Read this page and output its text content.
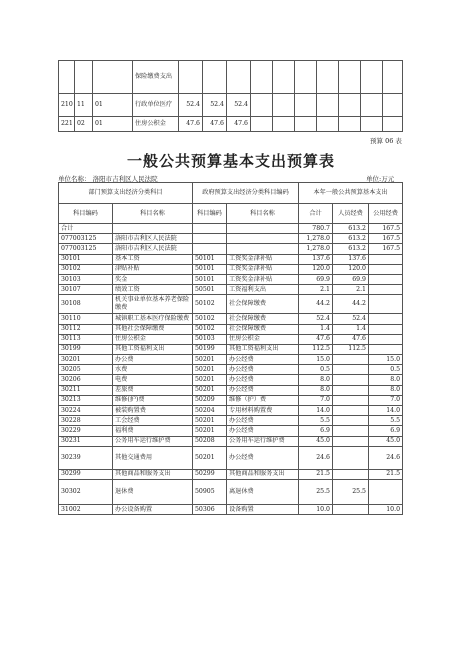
			保险缴费支出										
210	11	01	行政单位医疗	52.4	52.4	52.4							
221	02	01	住房公积金	47.6	47.6	47.6							
预算 06 表
一般公共预算基本支出预算表
单位名称： 洛阳市吉利区人民法院	单位:万元
部门预算支出经济分类科目		政府预算支出经济分类科目编码		本年一般公共预算基本支出		
科目编码	科目名称	科目编码	科目名称	合计	人员经费	公用经费
合计				780.7	613.2	167.5
077003125	洛阳市吉利区人民法院			1,278.0	613.2	167.5
077003125	洛阳市吉利区人民法院			1,278.0	613.2	167.5
30101	基本工资	50101	工资奖金津补贴	137.6	137.6	
30102	津贴补贴	50101	工资奖金津补贴	120.0	120.0	
30103	奖金	50101	工资奖金津补贴	69.9	69.9	
30107	绩效工资	50501	工资福利支出	2.1	2.1	
30108	机关事业单位基本养老保险缴费	50102	社会保障缴费	44.2	44.2	
30110	城镇职工基本医疗保险缴费	50102	社会保障缴费	52.4	52.4	
30112	其他社会保障缴费	50102	社会保障缴费	1.4	1.4	
30113	住房公积金	50103	住房公积金	47.6	47.6	
30199	其他工资福利支出	50199	其他工资福利支出	112.5	112.5	
30201	办公费	50201	办公经费	15.0		15.0
30205	水费	50201	办公经费	0.5		0.5
30206	电费	50201	办公经费	8.0		8.0
30211	差旅费	50201	办公经费	8.0		8.0
30213	维修(护)费	50209	维修（护）费	7.0		7.0
30224	被装购置费	50204	专用材料购置费	14.0		14.0
30228	工会经费	50201	办公经费	5.5		5.5
30229	福利费	50201	办公经费	6.9		6.9
30231	公务用车运行维护费	50208	公务用车运行维护费	45.0		45.0
30239	其他交通费用	50201	办公经费	24.6		24.6
30299	其他商品和服务支出	50299	其他商品和服务支出	21.5		21.5
30302	退休费	50905	离退休费	25.5	25.5	
31002	办公设备购置	50306	设备购置	10.0		10.0
